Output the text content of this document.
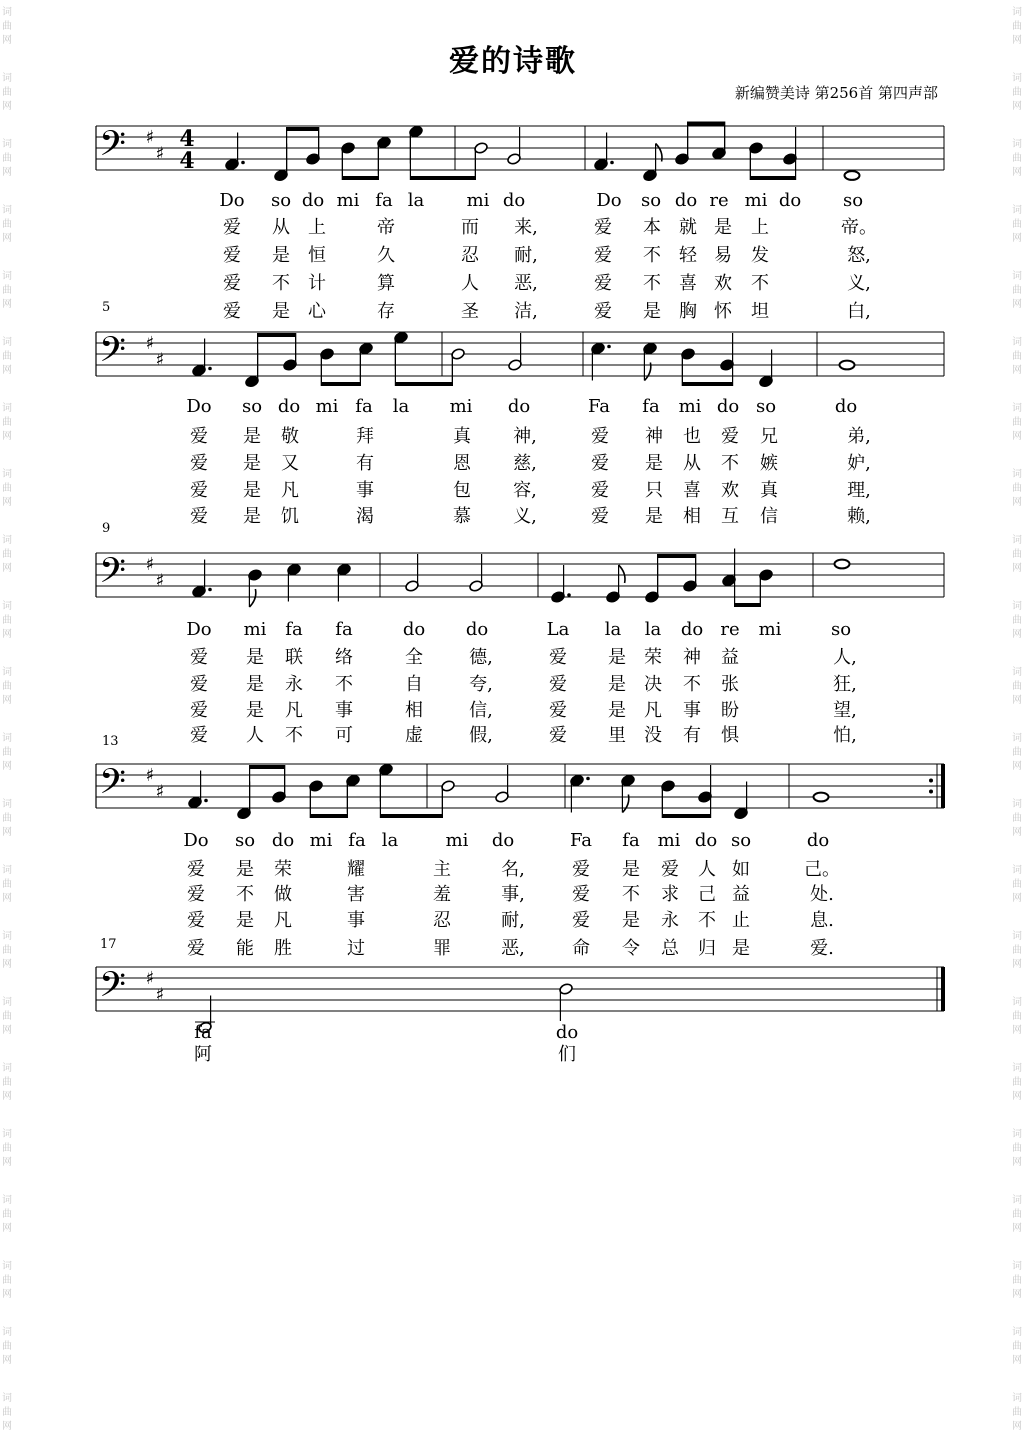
词
曲
网
词
曲
网
词
曲
网
词
曲
网
词
曲
网
词
曲
网
词
曲
网
词
曲
网
词
曲
网
词
曲
网
词
曲
网
词
曲
网
词
曲
网
词
曲
网
词
曲
网
词
曲
网
词
曲
网
词
曲
网
词
曲
网
词
曲
网
词
曲
网
词
曲
网
词
曲
网
词
曲
网
词
曲
网
词
曲
网
词
曲
网
词
曲
网
词
曲
网
词
曲
网
词
曲
网
词
曲
网
词
曲
网
词
曲
网
词
曲
网
词
曲
网
词
曲
网
词
曲
网
词
曲
网
词
曲
网
词
曲
网
词
曲
网
词
曲
网
词
曲
网
爱的诗歌
新编赞美诗 第256首 第四声部
𝄢 ♯
♯
4
4
𝄢 ♯
♯
𝄢 ♯
♯
𝄢 ♯
♯
𝄢 ♯
♯
Do so do mi fa la mi do	Do so do re mi do so
爱 从 上	帝	而 来,	爱 本 就 是 上	帝。
爱 是 恒	久	忍 耐,	爱 不 轻 易 发	怒,
爱 不 计	算	人 恶,	爱 不 喜 欢 不	义,
爱 是 心	存	圣 洁,	爱 是 胸 怀 坦	白,
Do so do mi fa la mi do	Fa fa mi do so	do
爱 是 敬	拜	真 神,	爱 神 也 爱 兄	弟,
爱 是 又	有	恩 慈,	爱 是 从 不 嫉	妒,
爱 是 凡	事	包 容,	爱 只 喜 欢 真	理,
爱 是 饥	渴	慕 义,	爱 是 相 互 信	赖,
Do mi fa fa	do do	La la la do re mi	so
爱 是 联 络	全	德,	爱 是 荣 神 益	人,
爱 是 永 不	自	夸,	爱 是 决 不 张	狂,
爱 是 凡 事	相	信,	爱 是 凡 事 盼	望,
爱 人 不 可	虚	假,	爱 里 没 有 惧	怕,
Do so do mi fa la	mi do	Fa fa mi do so	do
爱 是 荣	耀	主	名,	爱 是 爱 人 如	己。
爱 不 做	害	羞	事,	爱 不 求 己 益	处.
爱 是 凡	事	忍	耐,	爱 是 永 不 止	息.
爱 能 胜	过	罪	恶,	命 令 总 归 是	爱.
fa	do
阿	们
5
9
13
17
